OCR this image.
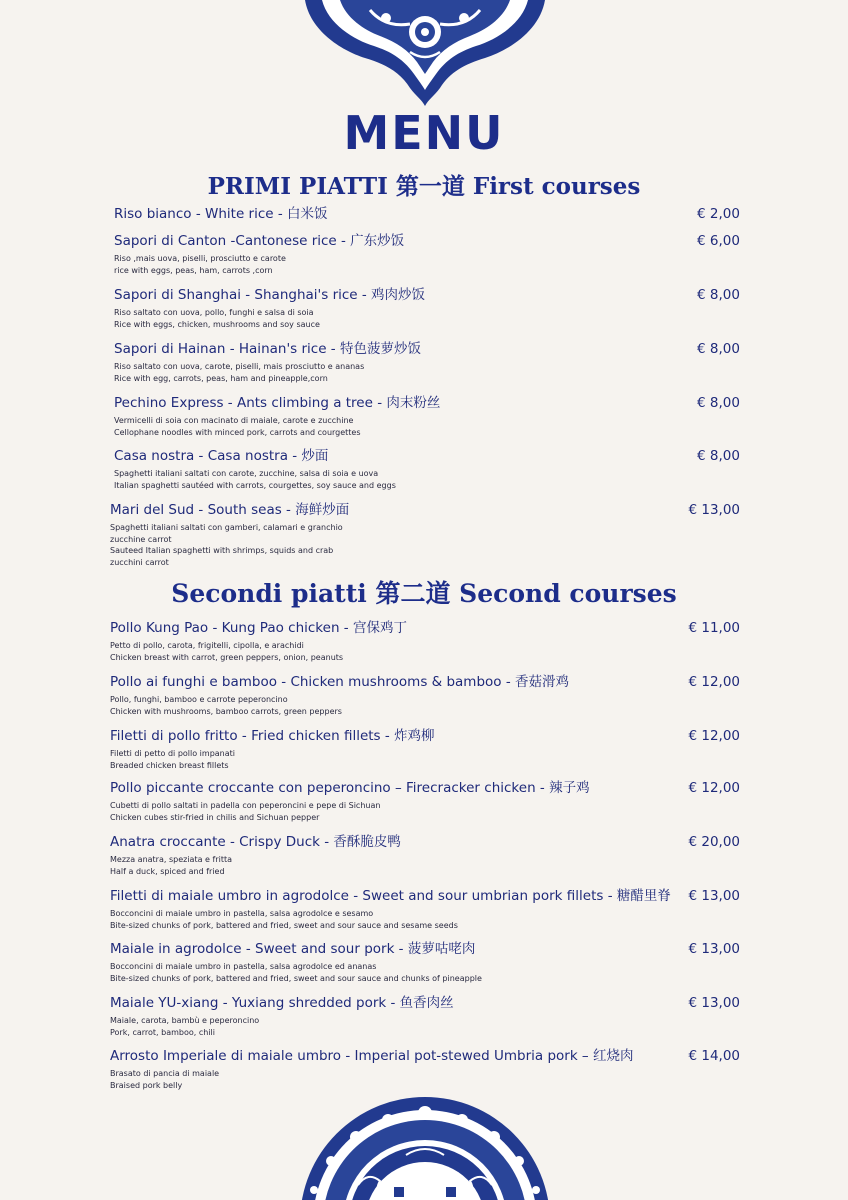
MENU
PRIMI PIATTI 第一道 First courses
Riso bianco - White rice - 白米饭	€ 2,00
Sapori di Canton -Cantonese rice - 广东炒饭
Riso ,mais uova, piselli, prosciutto e carote
rice with eggs, peas, ham, carrots ,corn
€ 6,00
Sapori di Shanghai - Shanghai's rice - 鸡肉炒饭
Riso saltato con uova, pollo, funghi e salsa di soia
Rice with eggs, chicken, mushrooms and soy sauce
€ 8,00
Sapori di Hainan - Hainan's rice - 特色菠萝炒饭
Riso saltato con uova, carote, piselli, mais prosciutto e ananas
Rice with egg, carrots, peas, ham and pineapple,corn
€ 8,00
Pechino Express - Ants climbing a tree - 肉末粉丝
Vermicelli di soia con macinato di maiale, carote e zucchine
Cellophane noodles with minced pork, carrots and courgettes
€ 8,00
Casa nostra - Casa nostra - 炒面
Spaghetti italiani saltati con carote, zucchine, salsa di soia e uova
Italian spaghetti sautéed with carrots, courgettes, soy sauce and eggs
€ 8,00
Mari del Sud - South seas - 海鲜炒面
Spaghetti italiani saltati con gamberi, calamari e granchio
zucchine carrot
Sauteed Italian spaghetti with shrimps, squids and crab
zucchini carrot
€ 13,00
Secondi piatti 第二道 Second courses
Pollo Kung Pao - Kung Pao chicken - 宫保鸡丁
Petto di pollo, carota, frigitelli, cipolla, e arachidi
Chicken breast with carrot, green peppers, onion, peanuts
€ 11,00
Pollo ai funghi e bamboo - Chicken mushrooms & bamboo - 香菇滑鸡
Pollo, funghi, bamboo e carrote peperoncino
Chicken with mushrooms, bamboo carrots, green peppers
€ 12,00
Filetti di pollo fritto - Fried chicken fillets - 炸鸡柳
Filetti di petto di pollo impanati
Breaded chicken breast fillets
€ 12,00
Pollo piccante croccante con peperoncino – Firecracker chicken - 辣子鸡
Cubetti di pollo saltati in padella con peperoncini e pepe di Sichuan
Chicken cubes stir-fried in chilis and Sichuan pepper
€ 12,00
Anatra croccante - Crispy Duck - 香酥脆皮鸭
Mezza anatra, speziata e fritta
Half a duck, spiced and fried
€ 20,00
Filetti di maiale umbro in agrodolce - Sweet and sour umbrian pork fillets - 糖醋里脊
Bocconcini di maiale umbro in pastella, salsa agrodolce e sesamo
Bite-sized chunks of pork, battered and fried, sweet and sour sauce and sesame seeds
€ 13,00
Maiale in agrodolce - Sweet and sour pork - 菠萝咕咾肉
Bocconcini di maiale umbro in pastella, salsa agrodolce ed ananas
Bite-sized chunks of pork, battered and fried, sweet and sour sauce and chunks of pineapple
€ 13,00
Maiale YU-xiang - Yuxiang shredded pork - 鱼香肉丝
Maiale, carota, bambù e peperoncino
Pork, carrot, bamboo, chili
€ 13,00
Arrosto Imperiale di maiale umbro - Imperial pot-stewed Umbria pork – 红烧肉
Brasato di pancia di maiale
Braised pork belly
€ 14,00
